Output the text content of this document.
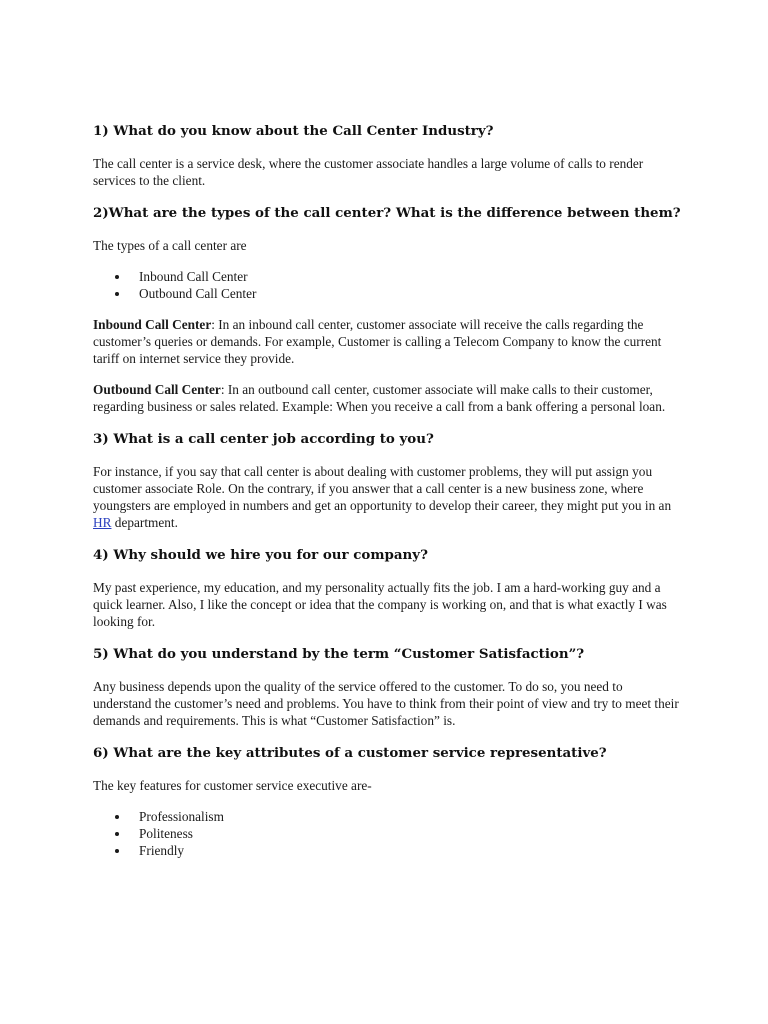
1) What do you know about the Call Center Industry?

The call center is a service desk, where the customer associate handles a large volume of calls to render services to the client.

2)What are the types of the call center? What is the difference between them?

The types of a call center are

Inbound Call Center
Outbound Call Center

Inbound Call Center: In an inbound call center, customer associate will receive the calls regarding the customer’s queries or demands. For example, Customer is calling a Telecom Company to know the current tariff on internet service they provide.

Outbound Call Center: In an outbound call center, customer associate will make calls to their customer, regarding business or sales related. Example: When you receive a call from a bank offering a personal loan.

3) What is a call center job according to you?

For instance, if you say that call center is about dealing with customer problems, they will put assign you customer associate Role. On the contrary, if you answer that a call center is a new business zone, where youngsters are employed in numbers and get an opportunity to develop their career, they might put you in an HR department.

4) Why should we hire you for our company?

My past experience, my education, and my personality actually fits the job. I am a hard-working guy and a quick learner. Also, I like the concept or idea that the company is working on, and that is what exactly I was looking for.

5) What do you understand by the term “Customer Satisfaction”?

Any business depends upon the quality of the service offered to the customer. To do so, you need to understand the customer’s need and problems. You have to think from their point of view and try to meet their demands and requirements. This is what “Customer Satisfaction” is.

6) What are the key attributes of a customer service representative?

The key features for customer service executive are-

Professionalism
Politeness
Friendly
